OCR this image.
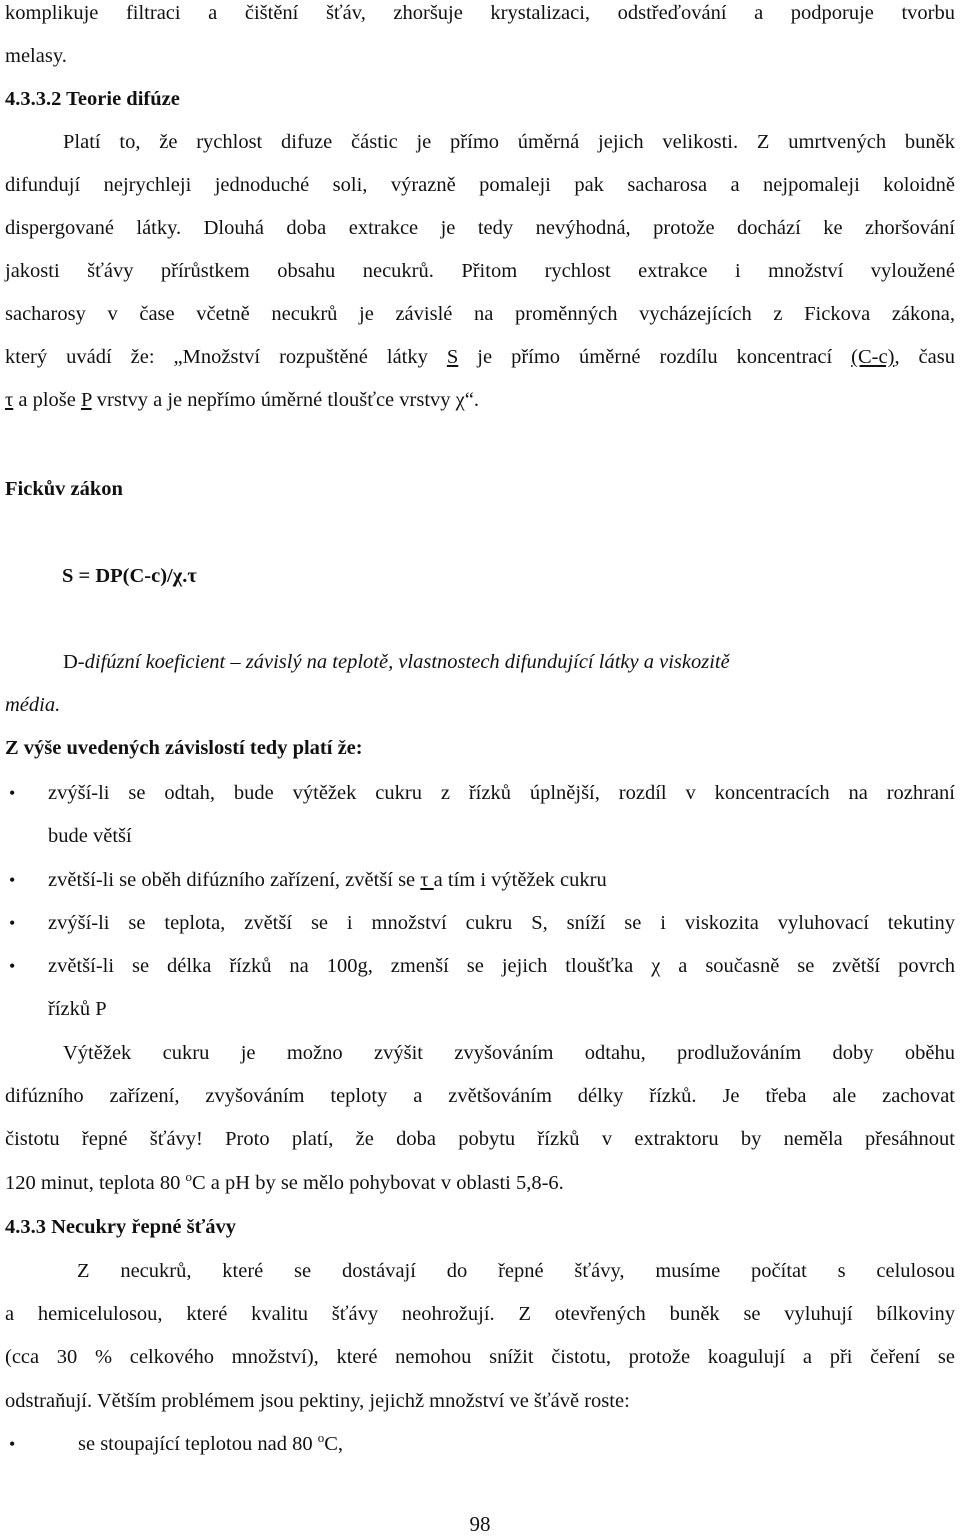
komplikuje filtraci a čištění šťáv, zhoršuje krystalizaci, odstřeďování a podporuje tvorbu
melasy.
4.3.3.2 Teorie difúze
Platí to, že rychlost difuze částic je přímo úměrná jejich velikosti. Z umrtvených buněk
difundují nejrychleji jednoduché soli, výrazně pomaleji pak sacharosa a nejpomaleji koloidně
dispergované látky. Dlouhá doba extrakce je tedy nevýhodná, protože dochází ke zhoršování
jakosti šťávy přírůstkem obsahu necukrů. Přitom rychlost extrakce i množství vyloužené
sacharosy v čase včetně necukrů je závislé na proměnných vycházejících z Fickova zákona,
který uvádí že: „Množství rozpuštěné látky S je přímo úměrné rozdílu koncentrací (C-c), času
τ a ploše P vrstvy a je nepřímo úměrné tloušťce vrstvy χ“.
Fickův zákon
S = DP(C-c)/χ.τ
D-difúzní koeficient – závislý na teplotě, vlastnostech difundující látky a viskozitě
média.
Z výše uvedených závislostí tedy platí že:
• zvýší-li se odtah, bude výtěžek cukru z řízků úplnější, rozdíl v koncentracích na rozhraní
bude větší
• zvětší-li se oběh difúzního zařízení, zvětší se τ a tím i výtěžek cukru
• zvýší-li se teplota, zvětší se i množství cukru S, sníží se i viskozita vyluhovací tekutiny
• zvětší-li se délka řízků na 100g, zmenší se jejich tloušťka χ a současně se zvětší povrch
řízků P
Výtěžek cukru je možno zvýšit zvyšováním odtahu, prodlužováním doby oběhu
difúzního zařízení, zvyšováním teploty a zvětšováním délky řízků. Je třeba ale zachovat
čistotu řepné šťávy! Proto platí, že doba pobytu řízků v extraktoru by neměla přesáhnout
120 minut, teplota 80 $^o$C a pH by se mělo pohybovat v oblasti 5,8-6.
4.3.3 Necukry řepné šťávy
Z necukrů, které se dostávají do řepné šťávy, musíme počítat s celulosou
a hemicelulosou, které kvalitu šťávy neohrožují. Z otevřených buněk se vyluhují bílkoviny
(cca 30 % celkového množství), které nemohou snížit čistotu, protože koagulují a při čeření se
odstraňují. Větším problémem jsou pektiny, jejichž množství ve šťávě roste:
•	se stoupající teplotou nad 80 $^o$C,
98
